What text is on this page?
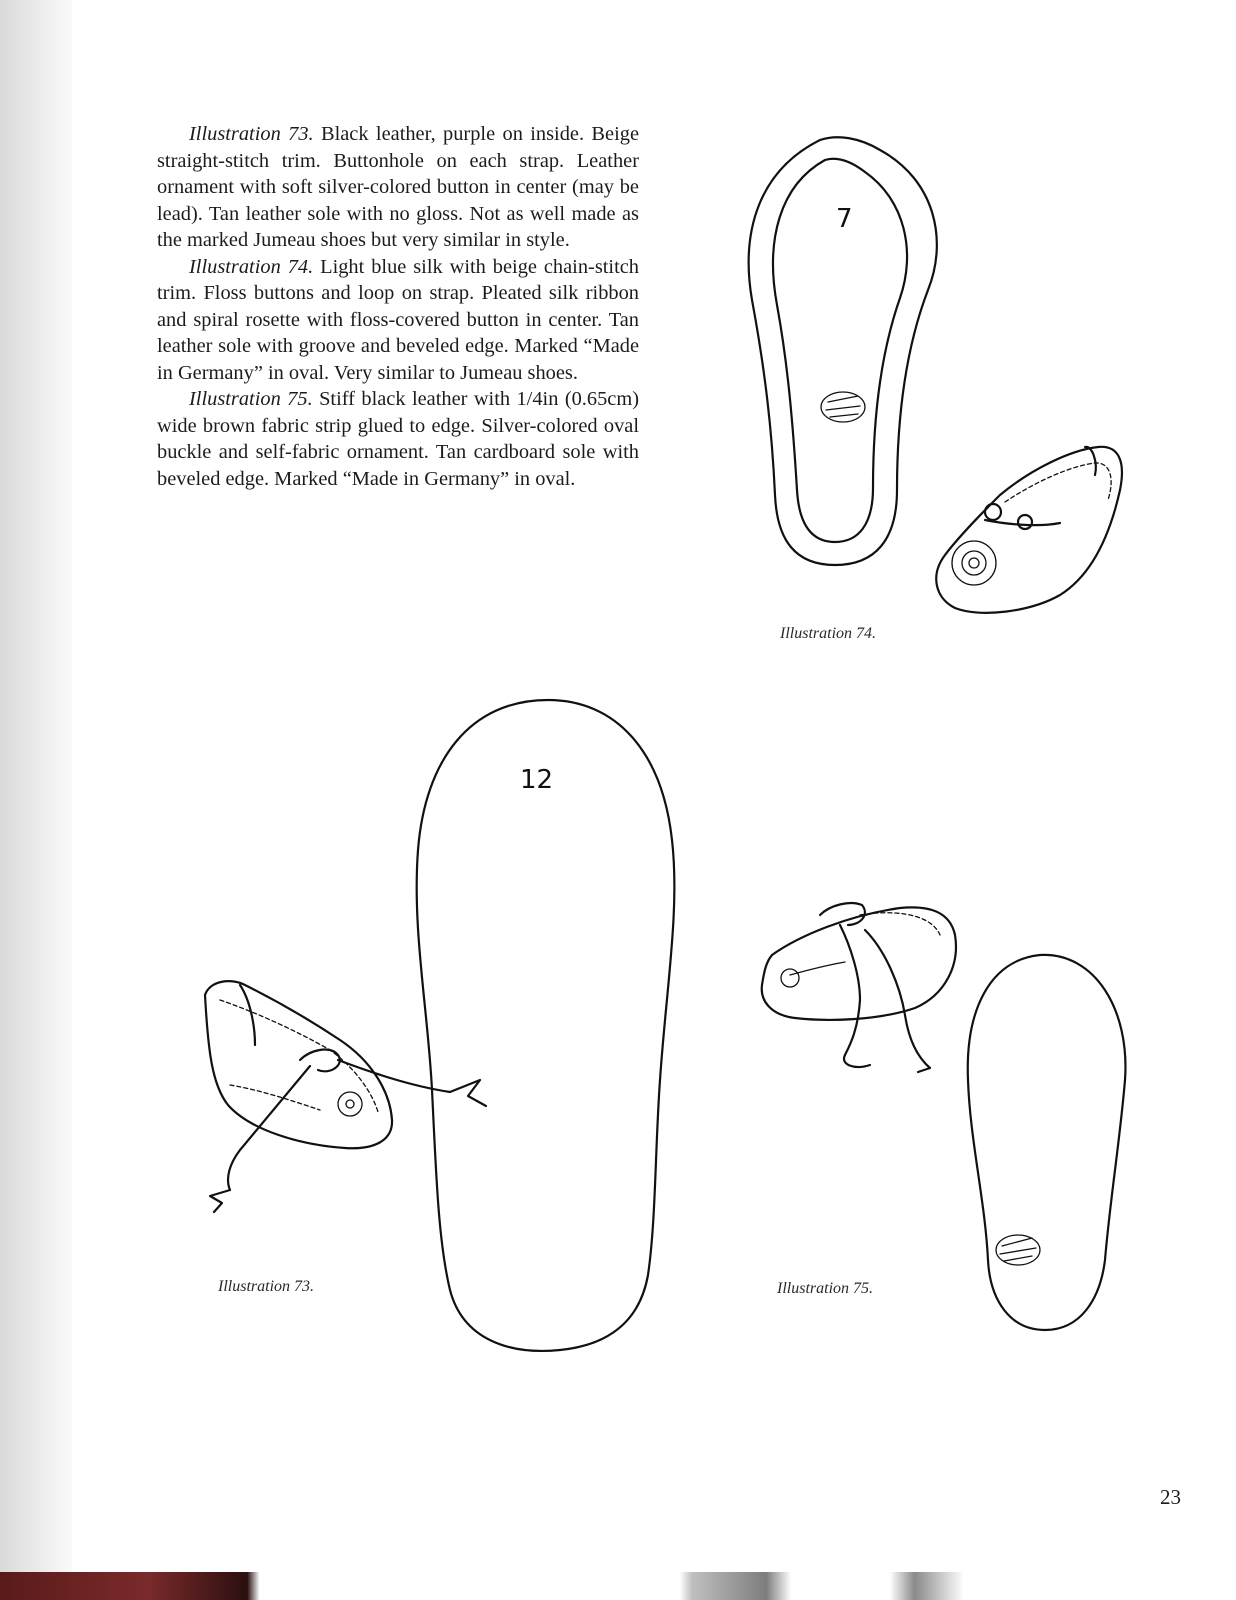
Illustration 73. Black leather, purple on inside. Beige straight-stitch trim. Buttonhole on each strap. Leather ornament with soft silver-colored button in center (may be lead). Tan leather sole with no gloss. Not as well made as the marked Jumeau shoes but very similar in style.

Illustration 74. Light blue silk with beige chain-stitch trim. Floss buttons and loop on strap. Pleated silk ribbon and spiral rosette with floss-covered button in center. Tan leather sole with groove and beveled edge. Marked “Made in Germany” in oval. Very similar to Jumeau shoes.

Illustration 75. Stiff black leather with 1/4in (0.65cm) wide brown fabric strip glued to edge. Silver-colored oval buckle and self-fabric ornament. Tan cardboard sole with beveled edge. Marked “Made in Germany” in oval.

7
12
Illustration 74.
Illustration 73.	Illustration 75.
23
